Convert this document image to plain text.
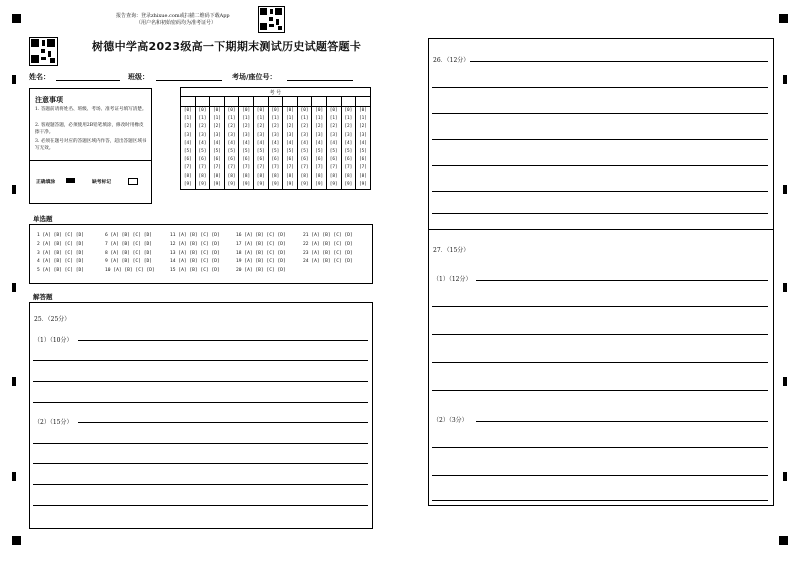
报告查询：登录zhixue.com或扫描二维码下载App
（用户名和初始密码均为准考证号）
树德中学高2023级高一下期期末测试历史试题答题卡
姓名：	班级：	考场/座位号：
注意事项
1. 答题前请将姓名、班级、考场、准考证号填写清楚。
2. 客观题答题，必须使用2B铅笔填涂，修改时用橡皮擦干净。
3. 必须在题号对应的答题区域内作答，超出答题区域书写无效。
正确填涂	缺考标记
考 号

[0]	[0]	[0]	[0]	[0]	[0]	[0]	[0]	[0]	[0]	[0]	[0]	[0]
[1]	[1]	[1]	[1]	[1]	[1]	[1]	[1]	[1]	[1]	[1]	[1]	[1]
[2]	[2]	[2]	[2]	[2]	[2]	[2]	[2]	[2]	[2]	[2]	[2]	[2]
[3]	[3]	[3]	[3]	[3]	[3]	[3]	[3]	[3]	[3]	[3]	[3]	[3]
[4]	[4]	[4]	[4]	[4]	[4]	[4]	[4]	[4]	[4]	[4]	[4]	[4]
[5]	[5]	[5]	[5]	[5]	[5]	[5]	[5]	[5]	[5]	[5]	[5]	[5]
[6]	[6]	[6]	[6]	[6]	[6]	[6]	[6]	[6]	[6]	[6]	[6]	[6]
[7]	[7]	[7]	[7]	[7]	[7]	[7]	[7]	[7]	[7]	[7]	[7]	[7]
[8]	[8]	[8]	[8]	[8]	[8]	[8]	[8]	[8]	[8]	[8]	[8]	[8]
[9]	[9]	[9]	[9]	[9]	[9]	[9]	[9]	[9]	[9]	[9]	[9]	[9]
单选题
解答题
1 [A] [B] [C] [D]
2 [A] [B] [C] [D]
3 [A] [B] [C] [D]
4 [A] [B] [C] [D]
5 [A] [B] [C] [D]
6 [A] [B] [C] [D]
7 [A] [B] [C] [D]
8 [A] [B] [C] [D]
9 [A] [B] [C] [D]
10 [A] [B] [C] [D]
11 [A] [B] [C] [D]
12 [A] [B] [C] [D]
13 [A] [B] [C] [D]
14 [A] [B] [C] [D]
15 [A] [B] [C] [D]
16 [A] [B] [C] [D]
17 [A] [B] [C] [D]
18 [A] [B] [C] [D]
19 [A] [B] [C] [D]
20 [A] [B] [C] [D]
21 [A] [B] [C] [D]
22 [A] [B] [C] [D]
23 [A] [B] [C] [D]
24 [A] [B] [C] [D]
25．（25分）
（1）（10分）
（2）（15分）
26．（12分）
27．（15分）
（1）（12分）
（2）（3分）
